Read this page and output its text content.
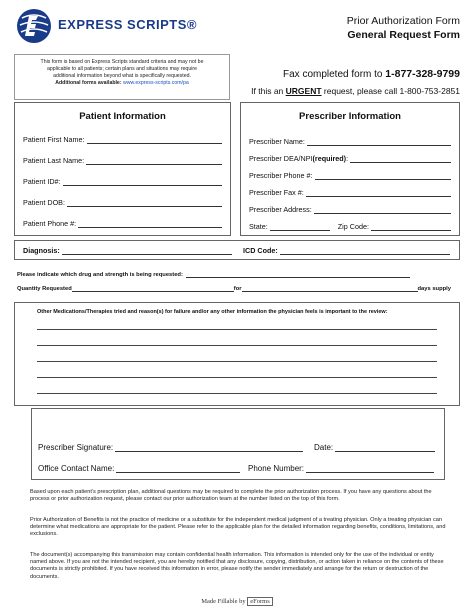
EXPRESS SCRIPTS®	Prior Authorization Form
General Request Form
This form is based on Express Scripts standard criteria and may not be
applicable to all patients; certain plans and situations may require
additional information beyond what is specifically requested.
Additional forms available: www.express-scripts.com/pa
Fax completed form to 1-877-328-9799
If this an URGENT request, please call 1-800-753-2851
Patient Information
Patient First Name:
Patient Last Name:
Patient ID#:
Patient DOB:
Patient Phone #:
Prescriber Information
Prescriber Name:
Prescriber DEA/NPI (required) :
Prescriber Phone #:
Prescriber Fax #:
Prescriber Address:
State:	Zip Code:
Diagnosis:	ICD Code:
Please indicate which drug and strength is being requested:
Quantity Requested	for	days supply
Other Medications/Therapies tried and reason(s) for failure and/or any other information the physician feels is important to the review:
Prescriber Signature:	Date:
Office Contact Name:	Phone Number:
Based upon each patient’s prescription plan, additional questions may be required to complete the prior authorization process. If you have any questions about the process or prior authorization request, please contact our prior authorization team at the number listed on the top of this form.
Prior Authorization of Benefits is not the practice of medicine or a substitute for the independent medical judgment of a treating physician. Only a treating physician can determine what medications are appropriate for the patient. Please refer to the applicable plan for the detailed information regarding benefits, conditions, limitations, and exclusions.
The document(s) accompanying this transmission may contain confidential health information. This information is intended only for the use of the individual or entity named above. If you are not the intended recipient, you are hereby notified that any disclosure, copying, distribution, or action taken in reliance on the contents of these documents is strictly prohibited. If you have received this information in error, please notify the sender immediately and arrange for the return or destruction of the documents.
Made Fillable by eForms
